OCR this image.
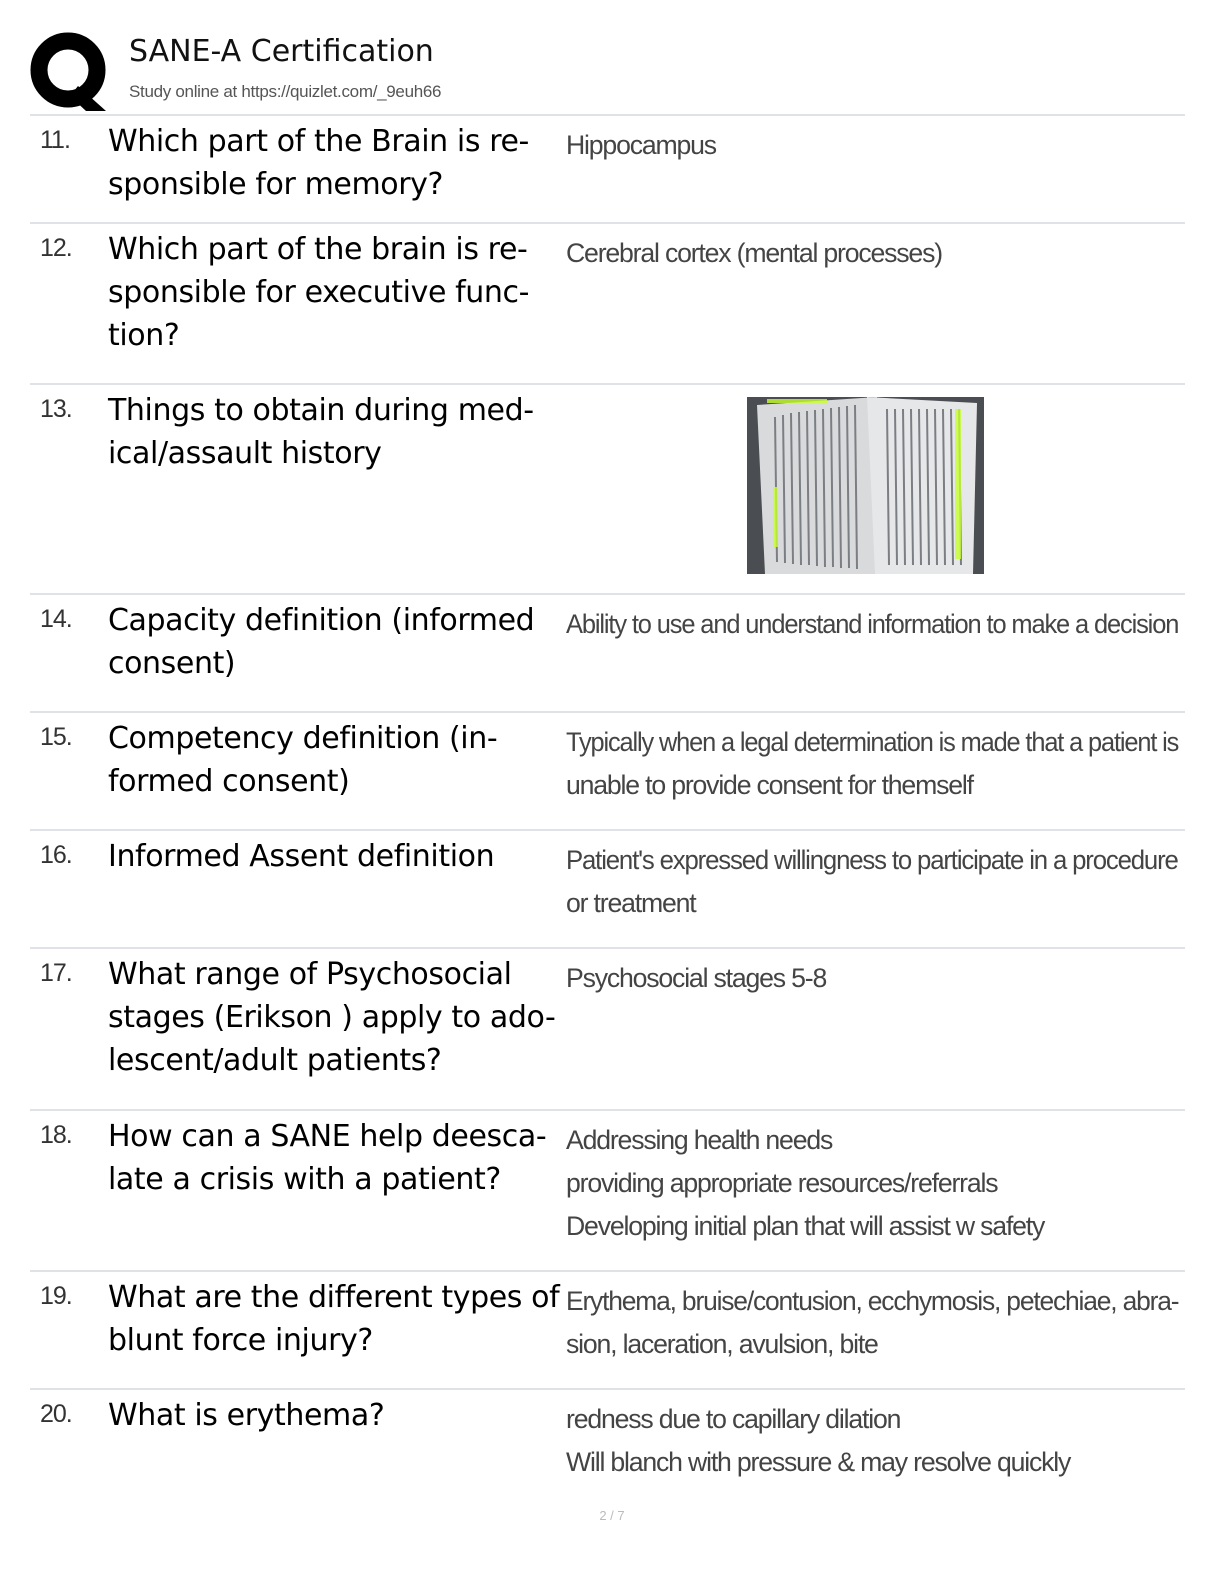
SANE-A Certification
Study online at https://quizlet.com/_9euh66
11. Which part of the Brain is re-sponsible for memory?
Hippocampus
12. Which part of the brain is re-sponsible for executive func-tion?
Cerebral cortex (mental processes)
13. Things to obtain during med-ical/assault history
14. Capacity definition (informed consent)
Ability to use and understand information to make a decision
15. Competency definition (in-formed consent)
Typically when a legal determination is made that a patient is
unable to provide consent for themself
16. Informed Assent definition	Patient's expressed willingness to participate in a procedure
or treatment
17. What range of Psychosocial stages (Erikson ) apply to ado-lescent/adult patients?
Psychosocial stages 5-8
18. How can a SANE help deesca-late a crisis with a patient?
Addressing health needs
providing appropriate resources/referrals
Developing initial plan that will assist w safety
19. What are the different types of blunt force injury?
Erythema, bruise/contusion, ecchymosis, petechiae, abra-
sion, laceration, avulsion, bite
20. What is erythema?	redness due to capillary dilation
Will blanch with pressure & may resolve quickly
2 / 7
